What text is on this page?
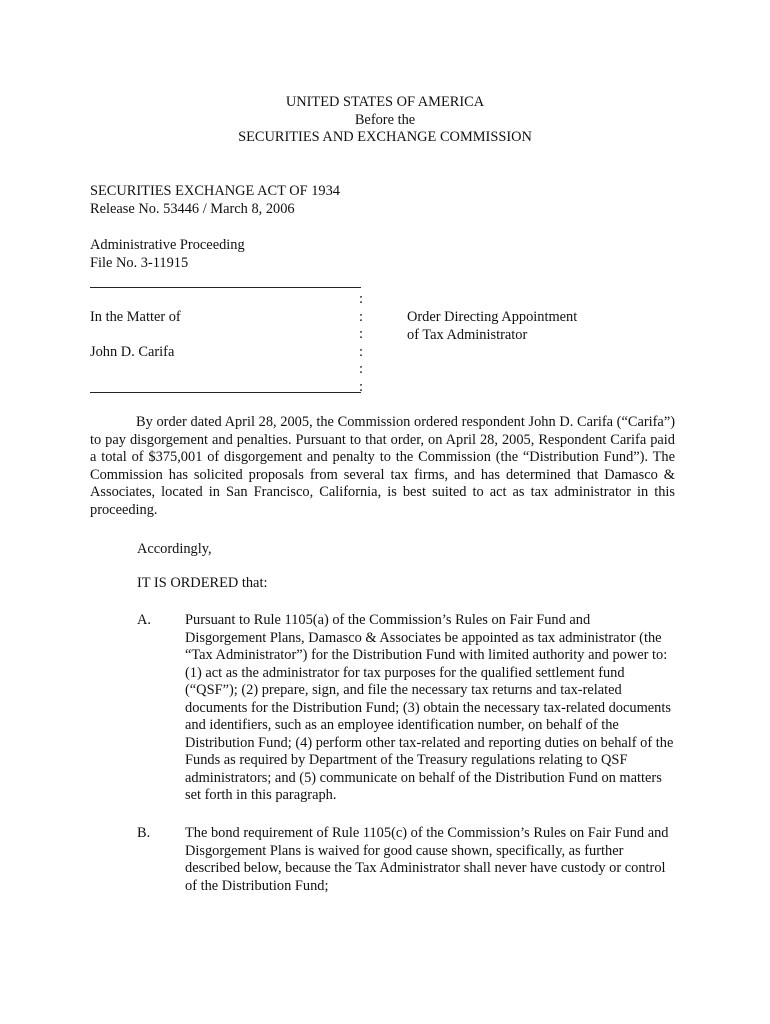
UNITED STATES OF AMERICA
Before the
SECURITIES AND EXCHANGE COMMISSION
SECURITIES EXCHANGE ACT OF 1934
Release No. 53446 / March 8, 2006
Administrative Proceeding
File No. 3-11915
:
:
:
:
:
:
In the Matter of
John D. Carifa
Order Directing Appointment
of Tax Administrator
By order dated April 28, 2005, the Commission ordered respondent John D. Carifa (“Carifa”) to pay disgorgement and penalties. Pursuant to that order, on April 28, 2005, Respondent Carifa paid a total of $375,001 of disgorgement and penalty to the Commission (the “Distribution Fund”). The Commission has solicited proposals from several tax firms, and has determined that Damasco & Associates, located in San Francisco, California, is best suited to act as tax administrator in this proceeding.
Accordingly,
IT IS ORDERED that:
A. Pursuant to Rule 1105(a) of the Commission’s Rules on Fair Fund and Disgorgement Plans, Damasco & Associates be appointed as tax administrator (the “Tax Administrator”) for the Distribution Fund with limited authority and power to: (1) act as the administrator for tax purposes for the qualified settlement fund (“QSF”); (2) prepare, sign, and file the necessary tax returns and tax-related documents for the Distribution Fund; (3) obtain the necessary tax-related documents and identifiers, such as an employee identification number, on behalf of the Distribution Fund; (4) perform other tax-related and reporting duties on behalf of the Funds as required by Department of the Treasury regulations relating to QSF administrators; and (5) communicate on behalf of the Distribution Fund on matters set forth in this paragraph.
B. The bond requirement of Rule 1105(c) of the Commission’s Rules on Fair Fund and Disgorgement Plans is waived for good cause shown, specifically, as further described below, because the Tax Administrator shall never have custody or control of the Distribution Fund;
